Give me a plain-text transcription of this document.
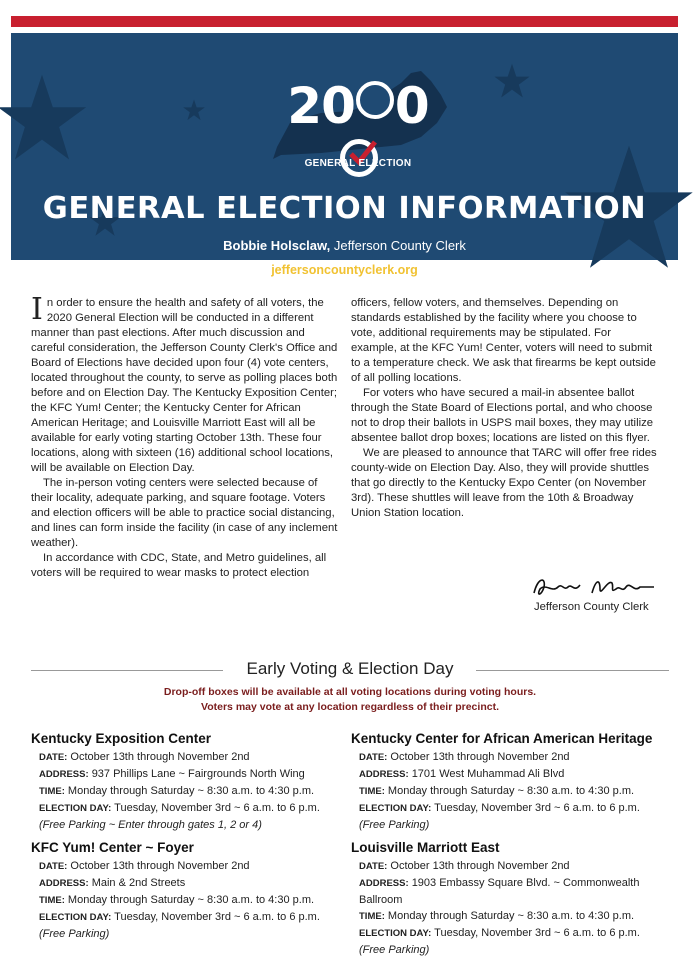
20 0
GENERAL ELECTION
GENERAL ELECTION INFORMATION
Bobbie Holsclaw, Jefferson County Clerk
jeffersoncountyclerk.org

In order to ensure the health and safety of all voters, the 2020 General Election will be conducted in a different manner than past elections. After much discussion and careful consideration, the Jefferson County Clerk's Office and Board of Elections have decided upon four (4) vote centers, located throughout the county, to serve as polling places both before and on Election Day. The Kentucky Exposition Center; the KFC Yum! Center; the Kentucky Center for African American Heritage; and Louisville Marriott East will all be available for early voting starting October 13th. These four locations, along with sixteen (16) additional school locations, will be available on Election Day.

The in-person voting centers were selected because of their locality, adequate parking, and square footage. Voters and election officers will be able to practice social distancing, and lines can form inside the facility (in case of any inclement weather).

In accordance with CDC, State, and Metro guidelines, all voters will be required to wear masks to protect election

officers, fellow voters, and themselves. Depending on standards established by the facility where you choose to vote, additional requirements may be stipulated. For example, at the KFC Yum! Center, voters will need to submit to a temperature check. We ask that firearms be kept outside of all polling locations.

For voters who have secured a mail-in absentee ballot through the State Board of Elections portal, and who choose not to drop their ballots in USPS mail boxes, they may utilize absentee ballot drop boxes; locations are listed on this flyer.

We are pleased to announce that TARC will offer free rides county-wide on Election Day. Also, they will provide shuttles that go directly to the Kentucky Expo Center (on November 3rd). These shuttles will leave from the 10th & Broadway Union Station location.

Jefferson County Clerk
Early Voting & Election Day
Drop-off boxes will be available at all voting locations during voting hours.
Voters may vote at any location regardless of their precinct.
Kentucky Exposition Center
DATE: October 13th through November 2nd
ADDRESS: 937 Phillips Lane ~ Fairgrounds North Wing
TIME: Monday through Saturday ~ 8:30 a.m. to 4:30 p.m.
ELECTION DAY: Tuesday, November 3rd ~ 6 a.m. to 6 p.m.
(Free Parking ~ Enter through gates 1, 2 or 4)
KFC Yum! Center ~ Foyer
DATE: October 13th through November 2nd
ADDRESS: Main & 2nd Streets
TIME: Monday through Saturday ~ 8:30 a.m. to 4:30 p.m.
ELECTION DAY: Tuesday, November 3rd ~ 6 a.m. to 6 p.m.
(Free Parking)
Kentucky Center for African American Heritage
DATE: October 13th through November 2nd
ADDRESS: 1701 West Muhammad Ali Blvd
TIME: Monday through Saturday ~ 8:30 a.m. to 4:30 p.m.
ELECTION DAY: Tuesday, November 3rd ~ 6 a.m. to 6 p.m.
(Free Parking)
Louisville Marriott East
DATE: October 13th through November 2nd
ADDRESS: 1903 Embassy Square Blvd. ~ Commonwealth Ballroom
TIME: Monday through Saturday ~ 8:30 a.m. to 4:30 p.m.
ELECTION DAY: Tuesday, November 3rd ~ 6 a.m. to 6 p.m.
(Free Parking)
